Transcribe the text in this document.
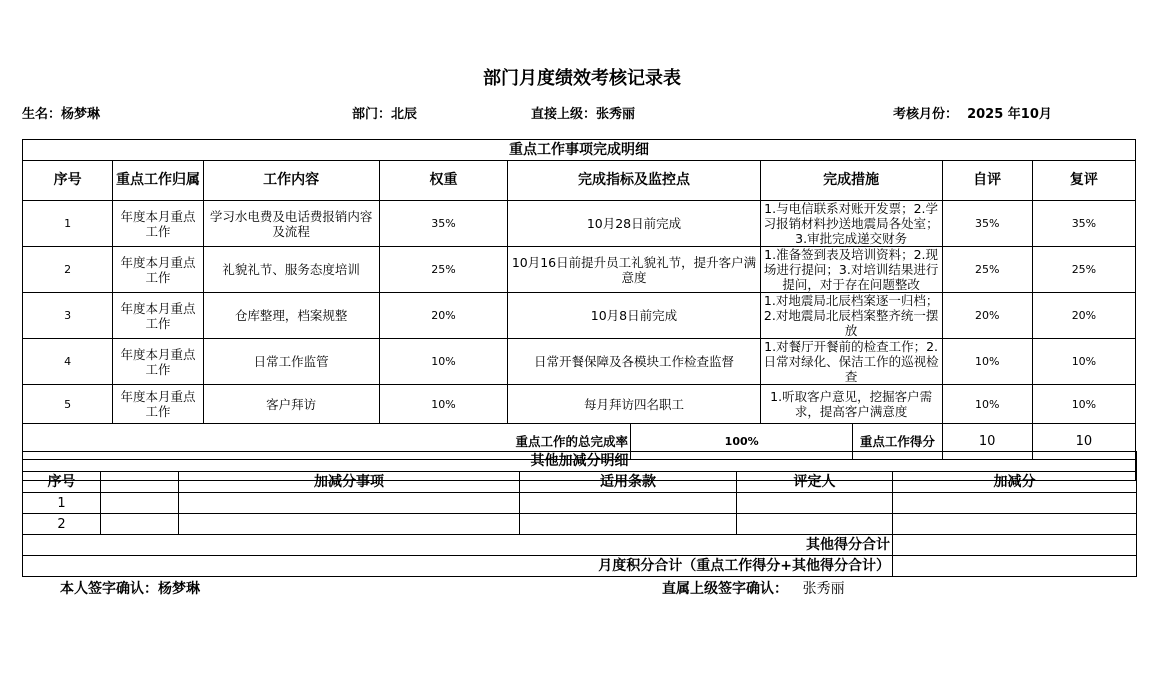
部门月度绩效考核记录表
生名：杨梦琳	部门：北辰	直接上级：张秀丽	考核月份： 2025 年10月
重点工作事项完成明细									
序号	重点工作归属	工作内容	权重	完成指标及监控点		完成措施		自评	复评
1	年度本月重点工作	学习水电费及电话费报销内容及流程	35%	10月28日前完成		1.与电信联系对账开发票；2.学习报销材料抄送地震局各处室；3.审批完成递交财务		35%	35%
2	年度本月重点工作	礼貌礼节、服务态度培训	25%	10月16日前提升员工礼貌礼节，提升客户满意度		1.准备签到表及培训资料；2.现场进行提问；3.对培训结果进行提问，对于存在问题整改		25%	25%
3	年度本月重点工作	仓库整理，档案规整	20%	10月8日前完成		1.对地震局北辰档案逐一归档；2.对地震局北辰档案整齐统一摆放		20%	20%
4	年度本月重点工作	日常工作监管	10%	日常开餐保障及各模块工作检查监督		1.对餐厅开餐前的检查工作；2.日常对绿化、保洁工作的巡视检查		10%	10%
5	年度本月重点工作	客户拜访	10%	每月拜访四名职工		1.听取客户意见，挖掘客户需求，提高客户满意度		10%	10%
重点工作的总完成率					100%		重点工作得分	10	10

其他加减分明细					
序号		加减分事项	适用条款	评定人	加减分
1					
2					
其他得分合计					
月度积分合计（重点工作得分+其他得分合计）					
本人签字确认：杨梦琳	直属上级签字确认： 张秀丽
